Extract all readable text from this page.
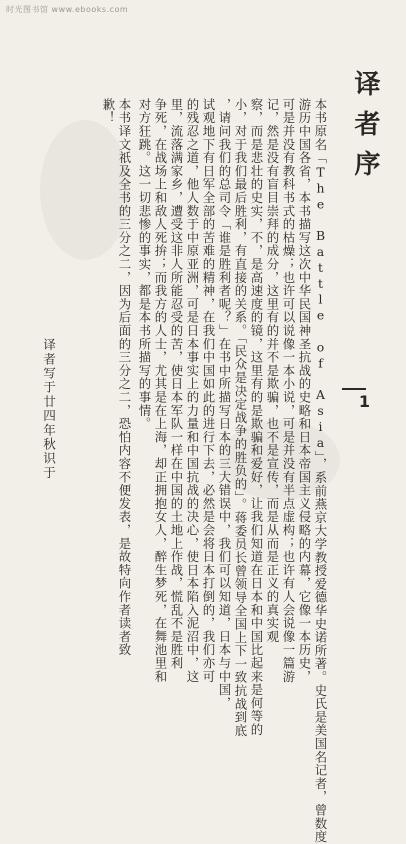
时光图书馆 www.ebooks.com
译者序
本书原名「The Battle of Asia」，系前燕京大学教授爱德华史诺所著。史氏是美国名记者，曾数度
游历中国各省，本书描写这次中华民国神圣抗战的史略和日本帝国主义侵略的内幕，它像一本历史，
可是并没有教科书式的枯燥；也许可以说像一本小说，可是并没有半点虚构；也许有人会说像一篇游
记，然是没有盲目崇拜的成分，这里有的并不是欺骗，也不是宣传，而是从而是正义的真实观
察，而是悲壮的史实，不，是高速度的镜，这里有的是欺骗和爱好，让我们知道在日本和中国比起来是何等的
小，对于我们最后胜利，有直接的关系。「民众是决定战争的胜负的」。蒋委员长曾领导全国上下一致抗战到底
，请问我们的总司令「谁是胜利者呢？」在书中所描写日本的三大错误中，我们可以知道，日本与中国，
试观地下有日军全部的苦难的精神，在我们中国如此的进行下去，必然是会将日本打倒的，我们亦可
的残忍之道，他人数于中原亚洲，可是日本事实上的力量和中国抗战的决心，使日本陷入泥沼中，这
里，流落满家乡，遭受这非人所能忍受的苦，使日本军队一样在中国的土地上作战，慌乱不是胜利
争死，在战场上和敌人死拚；而我方的人士，尤其是在上海，却正拥抱女人，醉生梦死，在舞池里和
对方狂跳。这一切悲惨的事实，都是本书所描写的事情。
本书译文祇及全书的三分之二，因为后面的三分之二，恐怕内容不便发表，是故特向作者读者致
歉！
译者写于廿四年秋识于	1
